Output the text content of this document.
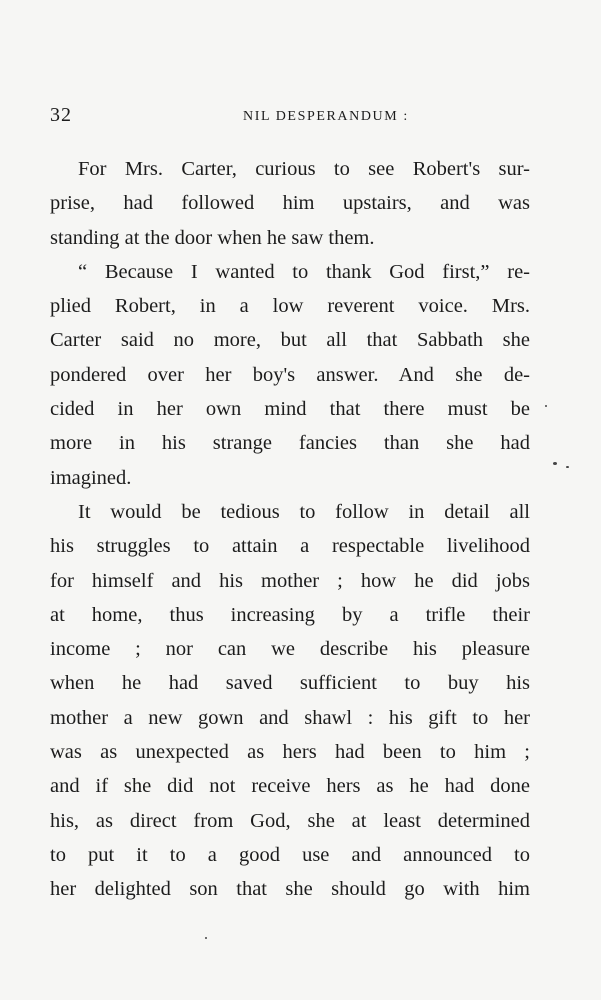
32	NIL DESPERANDUM :
For Mrs. Carter, curious to see Robert's sur-
prise, had followed him upstairs, and was
standing at the door when he saw them.
“ Because I wanted to thank God first,” re-
plied Robert, in a low reverent voice. Mrs.
Carter said no more, but all that Sabbath she
pondered over her boy's answer. And she de-
cided in her own mind that there must be
more in his strange fancies than she had
imagined.
It would be tedious to follow in detail all
his struggles to attain a respectable livelihood
for himself and his mother ; how he did jobs
at home, thus increasing by a trifle their
income ; nor can we describe his pleasure
when he had saved sufficient to buy his
mother a new gown and shawl : his gift to her
was as unexpected as hers had been to him ;
and if she did not receive hers as he had done
his, as direct from God, she at least determined
to put it to a good use and announced to
her delighted son that she should go with him
